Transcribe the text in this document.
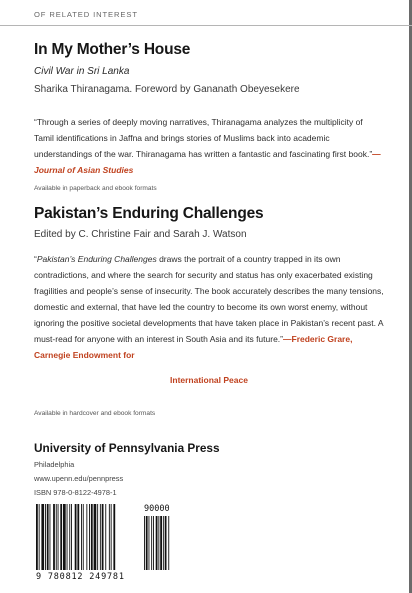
OF RELATED INTEREST
In My Mother’s House
Civil War in Sri Lanka
Sharika Thiranagama. Foreword by Gananath Obeyesekere
“Through a series of deeply moving narratives, Thiranagama analyzes the multiplicity of Tamil identifications in Jaffna and brings stories of Muslims back into academic understandings of the war. Thiranagama has written a fantastic and fascinating first book.”—Journal of Asian Studies
Available in paperback and ebook formats
Pakistan’s Enduring Challenges
Edited by C. Christine Fair and Sarah J. Watson
“Pakistan’s Enduring Challenges draws the portrait of a country trapped in its own contradictions, and where the search for security and status has only exacerbated existing fragilities and people’s sense of insecurity. The book accurately describes the many tensions, domestic and external, that have led the country to become its own worst enemy, without ignoring the positive societal developments that have taken place in Pakistan’s recent past. A must-read for anyone with an interest in South Asia and its future.”—Frederic Grare, Carnegie Endowment for
International Peace
Available in hardcover and ebook formats
University of Pennsylvania Press
Philadelphia
www.upenn.edu/pennpress
ISBN 978-0-8122-4978-1
90000
9 780812 249781
